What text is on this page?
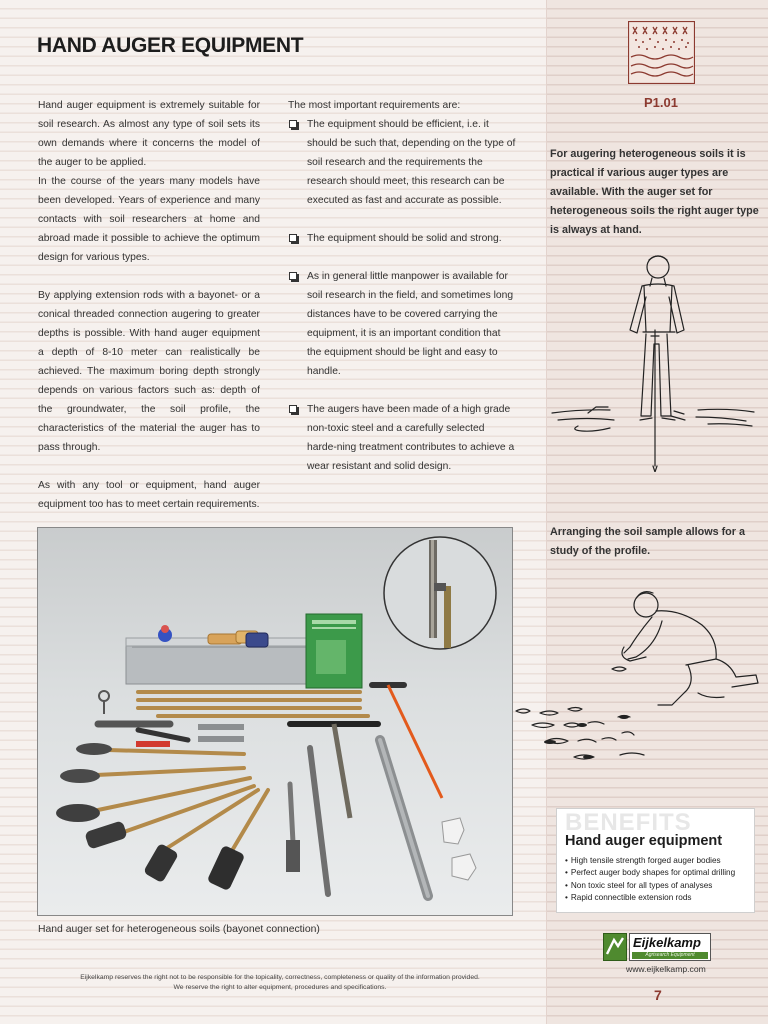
HAND AUGER EQUIPMENT

Hand auger equipment is extremely suitable for soil research. As almost any type of soil sets its own demands where it concerns the model of the auger to be applied.

In the course of the years many models have been developed. Years of experience and many contacts with soil researchers at home and abroad made it possible to achieve the optimum design for various types.

By applying extension rods with a bayonet- or a conical threaded connection augering to greater depths is possible. With hand auger equipment a depth of 8-10 meter can realistically be achieved. The maximum boring depth strongly depends on various factors such as: depth of the groundwater, the soil profile, the characteristics of the material the auger has to pass through.

As with any tool or equipment, hand auger equipment too has to meet certain requirements.

The most important requirements are:

The equipment should be efficient, i.e. it should be such that, depending on the type of soil research and the requirements the research should meet, this research can be executed as fast and accurate as possible.
The equipment should be solid and strong.
As in general little manpower is available for soil research in the field, and sometimes long distances have to be covered carrying the equipment, it is an important condition that the equipment should be light and easy to handle.
The augers have been made of a high grade non-toxic steel and a carefully selected harde-ning treatment contributes to achieve a wear resistant and solid design.
P1.01
For augering heterogeneous soils it is practical if various auger types are available. With the auger set for heterogeneous soils the right auger type is always at hand.
Arranging the soil sample allows for a study of the profile.
Hand auger set for heterogeneous soils (bayonet connection)
BENEFITS
Hand auger equipment
• High tensile strength forged auger bodies
• Perfect auger body shapes for optimal drilling
• Non toxic steel for all types of analyses
• Rapid connectible extension rods
Eijkelkamp
Agrisearch Equipment
www.eijkelkamp.com
7
Eijkelkamp reserves the right not to be responsible for the topicality, correctness, completeness or quality of the information provided.
We reserve the right to alter equipment, procedures and specifications.
